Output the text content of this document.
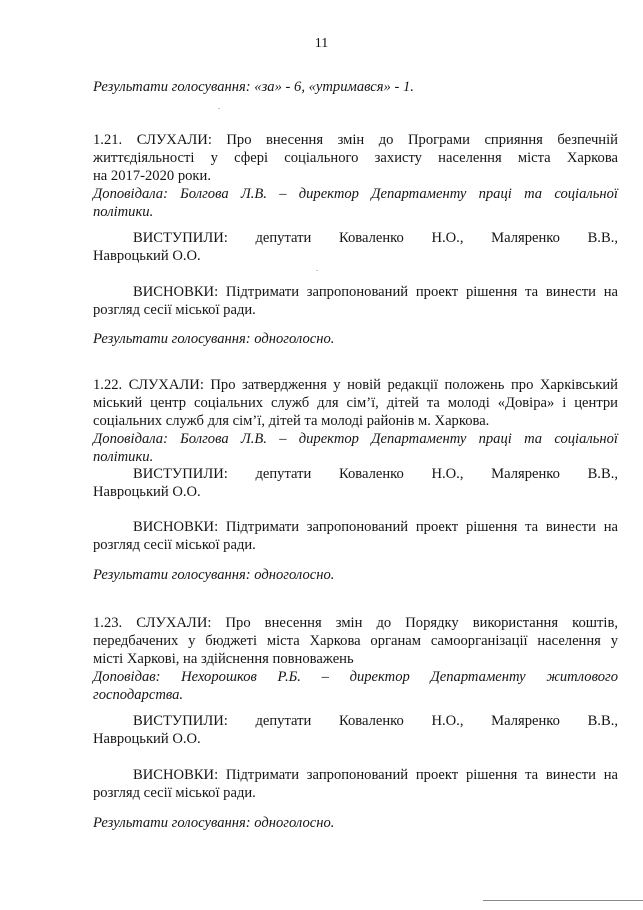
11
Результати голосування: «за» - 6, «утримався» - 1.
1.21. СЛУХАЛИ: Про внесення змін до Програми сприяння безпечній
життєдіяльності у сфері соціального захисту населення міста Харкова
на 2017-2020 роки.
Доповідала: Болгова Л.В. – директор Департаменту праці та соціальної
політики.
ВИСТУПИЛИ: депутати Коваленко Н.О., Маляренко В.В.,
Навроцький О.О.
ВИСНОВКИ: Підтримати запропонований проект рішення та винести на
розгляд сесії міської ради.
Результати голосування: одноголосно.
1.22. СЛУХАЛИ: Про затвердження у новій редакції положень про Харківський
міський центр соціальних служб для сім’ї, дітей та молоді «Довіра» і центри
соціальних служб для сім’ї, дітей та молоді районів м. Харкова.
Доповідала: Болгова Л.В. – директор Департаменту праці та соціальної
політики.
ВИСТУПИЛИ: депутати Коваленко Н.О., Маляренко В.В.,
Навроцький О.О.
ВИСНОВКИ: Підтримати запропонований проект рішення та винести на
розгляд сесії міської ради.
Результати голосування: одноголосно.
1.23. СЛУХАЛИ: Про внесення змін до Порядку використання коштів,
передбачених у бюджеті міста Харкова органам самоорганізації населення у
місті Харкові, на здійснення повноважень
Доповідав: Нехорошков Р.Б. – директор Департаменту житлового
господарства.
ВИСТУПИЛИ: депутати Коваленко Н.О., Маляренко В.В.,
Навроцький О.О.
ВИСНОВКИ: Підтримати запропонований проект рішення та винести на
розгляд сесії міської ради.
Результати голосування: одноголосно.
